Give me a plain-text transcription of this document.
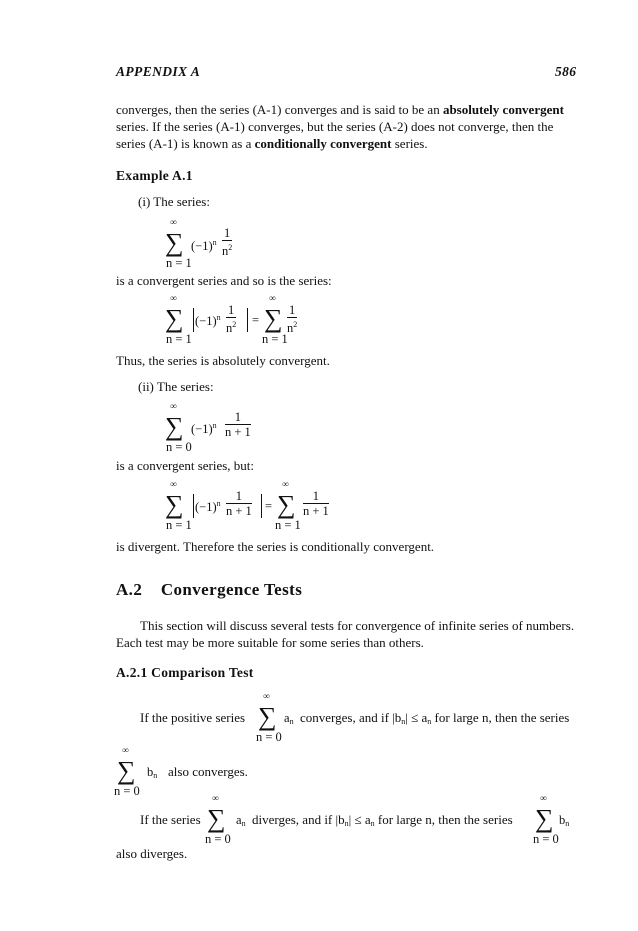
APPENDIX A	586
converges, then the series (A-1) converges and is said to be an absolutely convergent
series. If the series (A-1) converges, but the series (A-2) does not converge, then the
series (A-1) is known as a conditionally convergent series.
Example A.1
(i) The series:
∞
∑
n = 1
$(-1)^n \frac{1}{n^2}$
is a convergent series and so is the series:
∞
∑
n = 1
$(-1)^n \frac{1}{n^2}$ =
∞
∑
n = 1
$\frac{1}{n^2}$
Thus, the series is absolutely convergent.
(ii) The series:
∞
∑
n = 0
$(-1)^n \frac{1}{n + 1}$
is a convergent series, but:
∞
∑
n = 1
$(-1)^n \frac{1}{n + 1}$ =
∞
∑
n = 1
$\frac{1}{n + 1}$
is divergent. Therefore the series is conditionally convergent.
A.2 Convergence Tests
This section will discuss several tests for convergence of infinite series of numbers.
Each test may be more suitable for some series than others.
A.2.1 Comparison Test
If the positive series
∞
∑
n = 0
$a_n$ converges, and if $|b_n| \le a_n$ for large n, then the series
∞
∑
n = 0
$b_n$ also converges.
If the series
∞
∑
n = 0
$a_n$ diverges, and if $|b_n| \le a_n$ for large n, then the series
∞
∑
n = 0
$b_n$
also diverges.
